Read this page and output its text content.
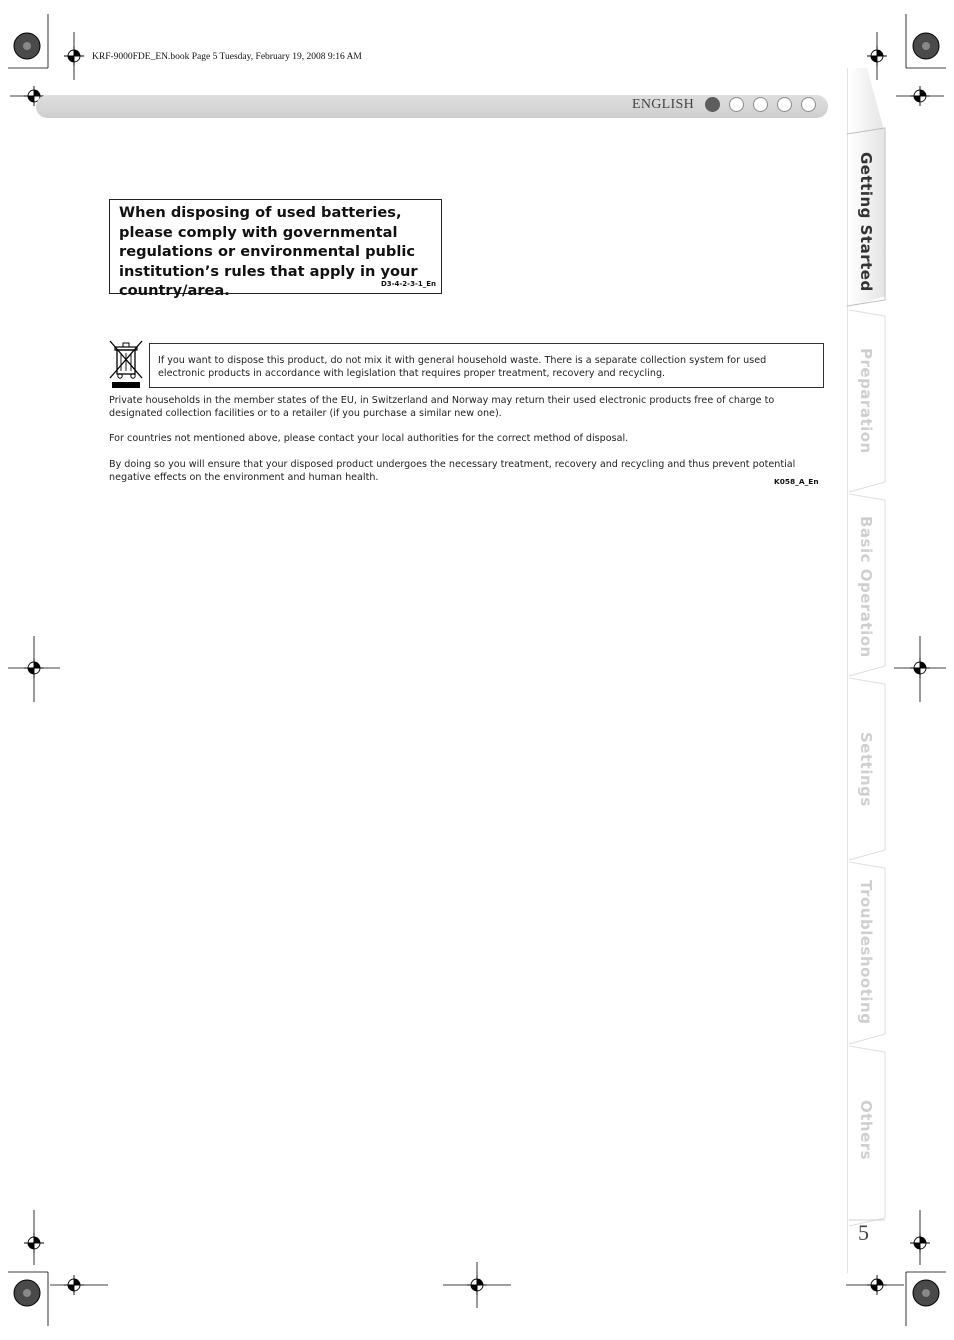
KRF-9000FDE_EN.book Page 5 Tuesday, February 19, 2008 9:16 AM
ENGLISH

When disposing of used batteries, please comply with governmental regulations or environmental public institution’s rules that apply in your country/area.	D3-4-2-3-1_En

If you want to dispose this product, do not mix it with general household waste. There is a separate collection system for used electronic products in accordance with legislation that requires proper treatment, recovery and recycling.

Private households in the member states of the EU, in Switzerland and Norway may return their used electronic products free of charge to designated collection facilities or to a retailer (if you purchase a similar new one).

For countries not mentioned above, please contact your local authorities for the correct method of disposal.

By doing so you will ensure that your disposed product undergoes the necessary treatment, recovery and recycling and thus prevent potential negative effects on the environment and human health.	K058_A_En
Getting Started
Preparation
Basic Operation
Settings
Troubleshooting
Others
5
